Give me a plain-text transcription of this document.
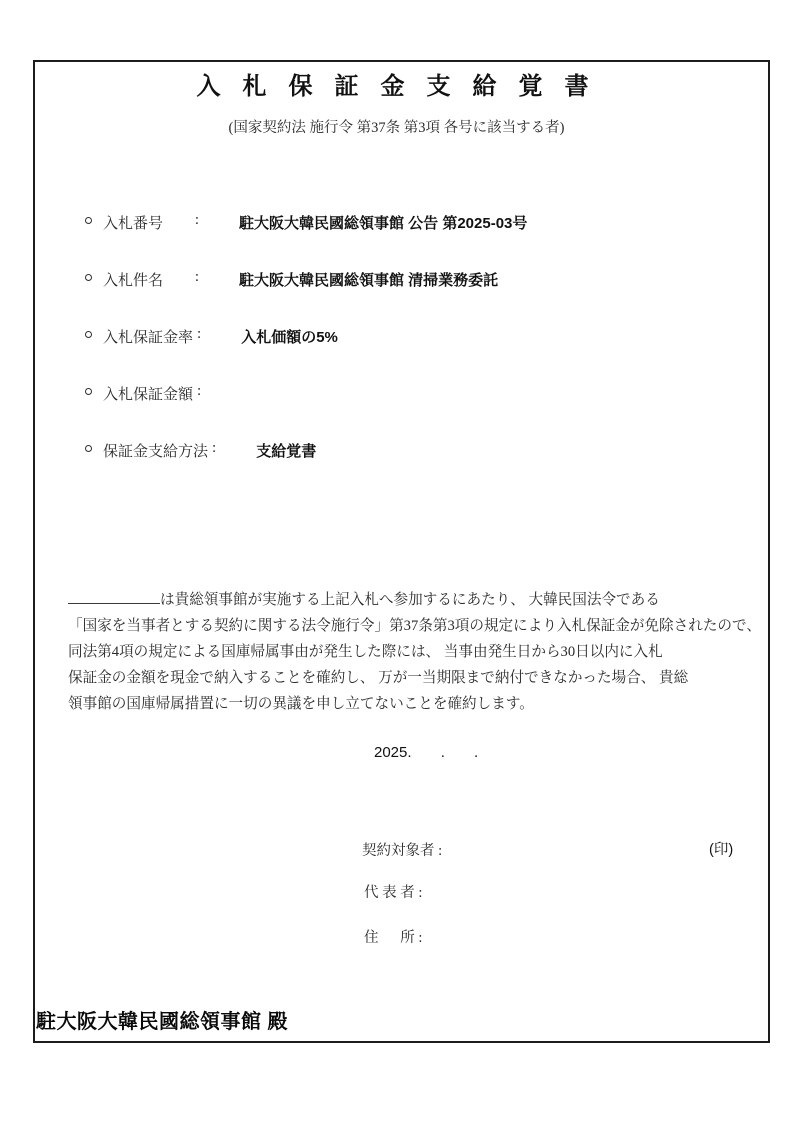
入 札 保 証 金 支 給 覚 書
(国家契約法 施行令 第37条 第3項 各号に該当する者)
入札番号 :	駐大阪大韓民國総領事館 公告 第2025-03号
入札件名 :	駐大阪大韓民國総領事館 清掃業務委託
入札保証金率 :	入札価額の5%
入札保証金額 :
保証金支給方法 :	支給覚書
は貴総領事館が実施する上記入札へ参加するにあたり、 大韓民国法令である
「国家を当事者とする契約に関する法令施行令」第37条第3項の規定により入札保証金が免除されたので、
同法第4項の規定による国庫帰属事由が発生した際には、 当事由発生日から30日以内に入札
保証金の金額を現金で納入することを確約し、 万が一当期限まで納付できなかった場合、 貴総
領事館の国庫帰属措置に一切の異議を申し立てないことを確約します。
2025.       .       .
契約対象者 :	(印)
代 表 者 :
住      所 :
駐大阪大韓民國総領事館 殿
